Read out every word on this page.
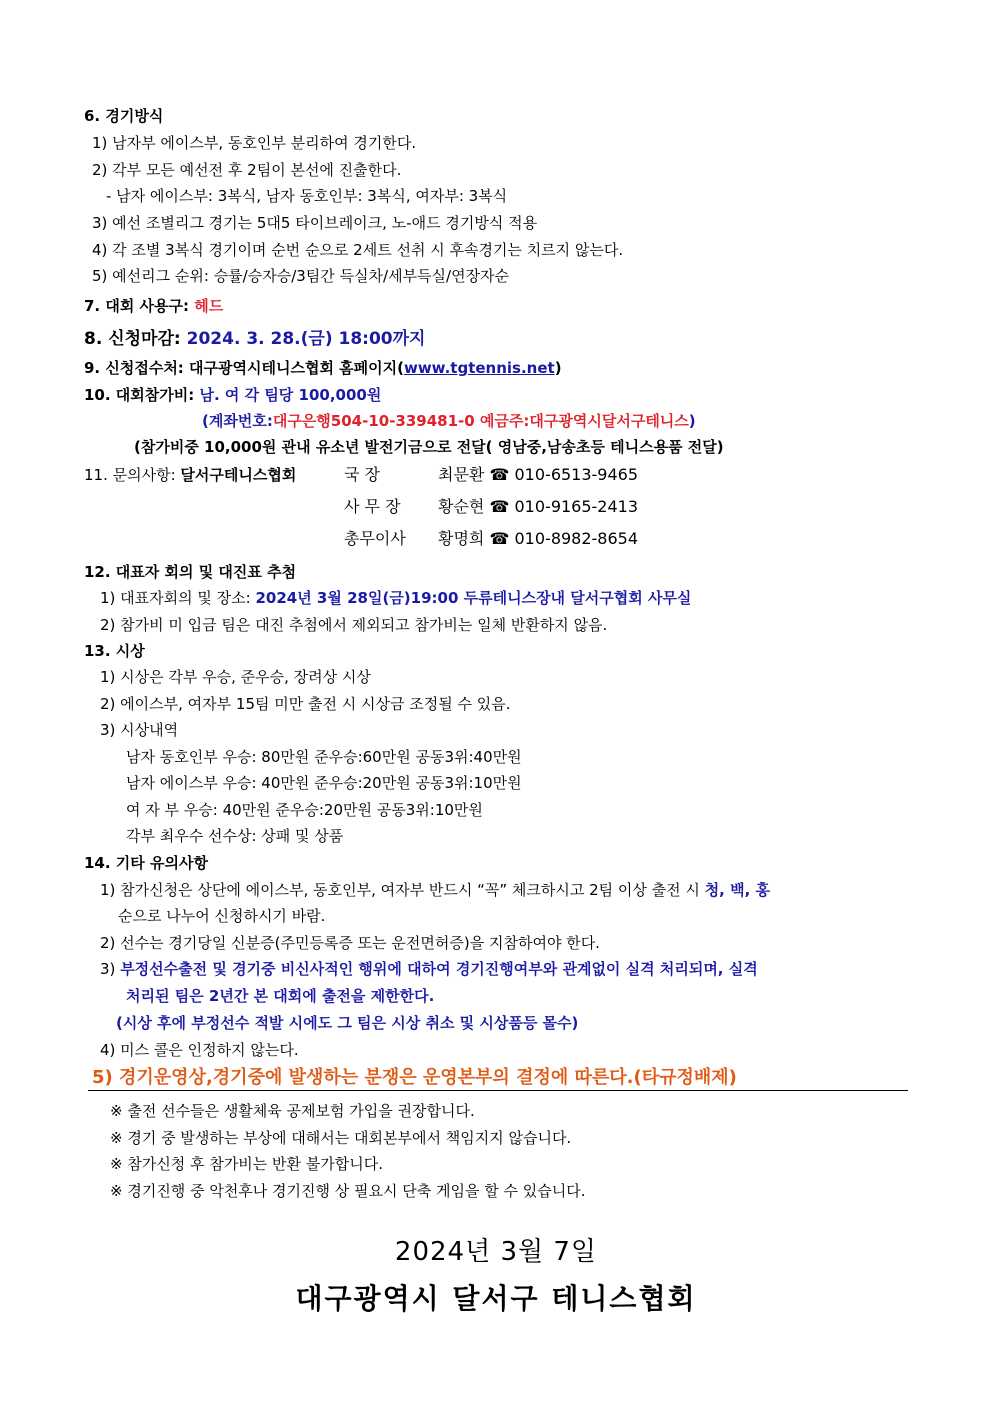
6. 경기방식
1) 남자부 에이스부, 동호인부 분리하여 경기한다.
2) 각부 모든 예선전 후 2팀이 본선에 진출한다.
- 남자 에이스부: 3복식, 남자 동호인부: 3복식, 여자부: 3복식
3) 예선 조별리그 경기는 5대5 타이브레이크, 노-애드 경기방식 적용
4) 각 조별 3복식 경기이며 순번 순으로 2세트 선취 시 후속경기는 치르지 않는다.
5) 예선리그 순위: 승률/승자승/3팀간 득실차/세부득실/연장자순
7. 대회 사용구: 헤드
8. 신청마감: 2024. 3. 28.(금) 18:00까지
9. 신청접수처: 대구광역시테니스협회 홈페이지(www.tgtennis.net)
10. 대회참가비: 남. 여 각 팀당 100,000원
(계좌번호:대구은행504-10-339481-0 예금주:대구광역시달서구테니스)
(참가비중 10,000원 관내 유소년 발전기금으로 전달( 영남중,남송초등 테니스용품 전달)
11. 문의사항: 달서구테니스협회	국 장	최문환 ☎ 010-6513-9465
사 무 장 황순현 ☎ 010-9165-2413
총무이사 황명희 ☎ 010-8982-8654
12. 대표자 회의 및 대진표 추첨
1) 대표자회의 및 장소: 2024년 3월 28일(금)19:00 두류테니스장내 달서구협회 사무실
2) 참가비 미 입금 팀은 대진 추첨에서 제외되고 참가비는 일체 반환하지 않음.
13. 시상
1) 시상은 각부 우승, 준우승, 장려상 시상
2) 에이스부, 여자부 15팀 미만 출전 시 시상금 조정될 수 있음.
3) 시상내역
남자 동호인부 우승: 80만원 준우승:60만원 공동3위:40만원
남자 에이스부 우승: 40만원 준우승:20만원 공동3위:10만원
여 자 부 우승: 40만원 준우승:20만원 공동3위:10만원
각부 최우수 선수상: 상패 및 상품
14. 기타 유의사항
1) 참가신청은 상단에 에이스부, 동호인부, 여자부 반드시 “꼭” 체크하시고 2팀 이상 출전 시 청, 백, 홍
순으로 나누어 신청하시기 바람.
2) 선수는 경기당일 신분증(주민등록증 또는 운전면허증)을 지참하여야 한다.
3) 부정선수출전 및 경기중 비신사적인 행위에 대하여 경기진행여부와 관계없이 실격 처리되며, 실격
처리된 팀은 2년간 본 대회에 출전을 제한한다.
(시상 후에 부정선수 적발 시에도 그 팀은 시상 취소 및 시상품등 몰수)
4) 미스 콜은 인정하지 않는다.
5) 경기운영상,경기중에 발생하는 분쟁은 운영본부의 결정에 따른다.(타규정배제)
※ 출전 선수들은 생활체육 공제보험 가입을 권장합니다.
※ 경기 중 발생하는 부상에 대해서는 대회본부에서 책임지지 않습니다.
※ 참가신청 후 참가비는 반환 불가합니다.
※ 경기진행 중 악천후나 경기진행 상 필요시 단축 게임을 할 수 있습니다.
2024년 3월 7일
대구광역시 달서구 테니스협회
